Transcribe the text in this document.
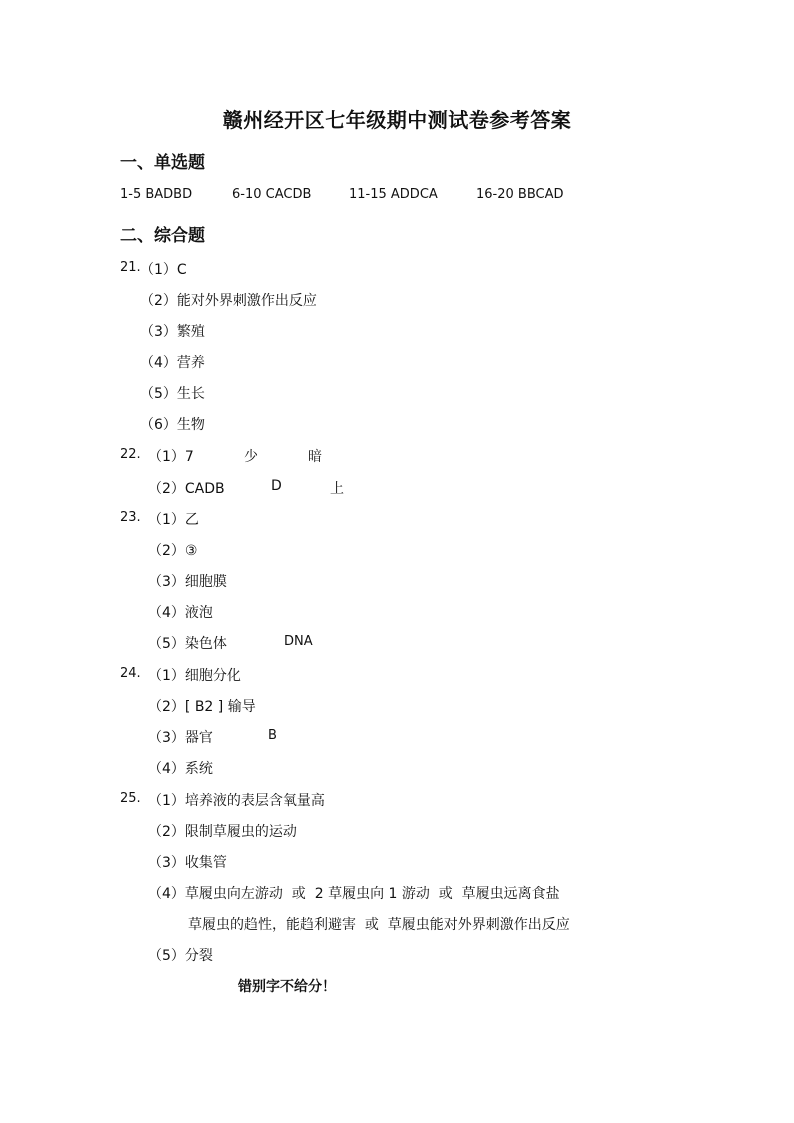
赣州经开区七年级期中测试卷参考答案
一、单选题
1-5 BADBD	6-10 CACDB	11-15 ADDCA	16-20 BBCAD
二、综合题
21. （1）C
（2）能对外界刺激作出反应
（3）繁殖
（4）营养
（5）生长
（6）生物
22. （1）7	少	暗
（2）CADB	D	上
23. （1）乙
（2）③
（3）细胞膜
（4）液泡
（5）染色体	DNA
24. （1）细胞分化
（2）[ B2 ] 输导
（3）器官	B
（4）系统
25. （1）培养液的表层含氧量高
（2）限制草履虫的运动
（3）收集管
（4）草履虫向左游动  或  2 草履虫向 1 游动  或  草履虫远离食盐
草履虫的趋性，能趋利避害  或  草履虫能对外界刺激作出反应
（5）分裂
错别字不给分！
